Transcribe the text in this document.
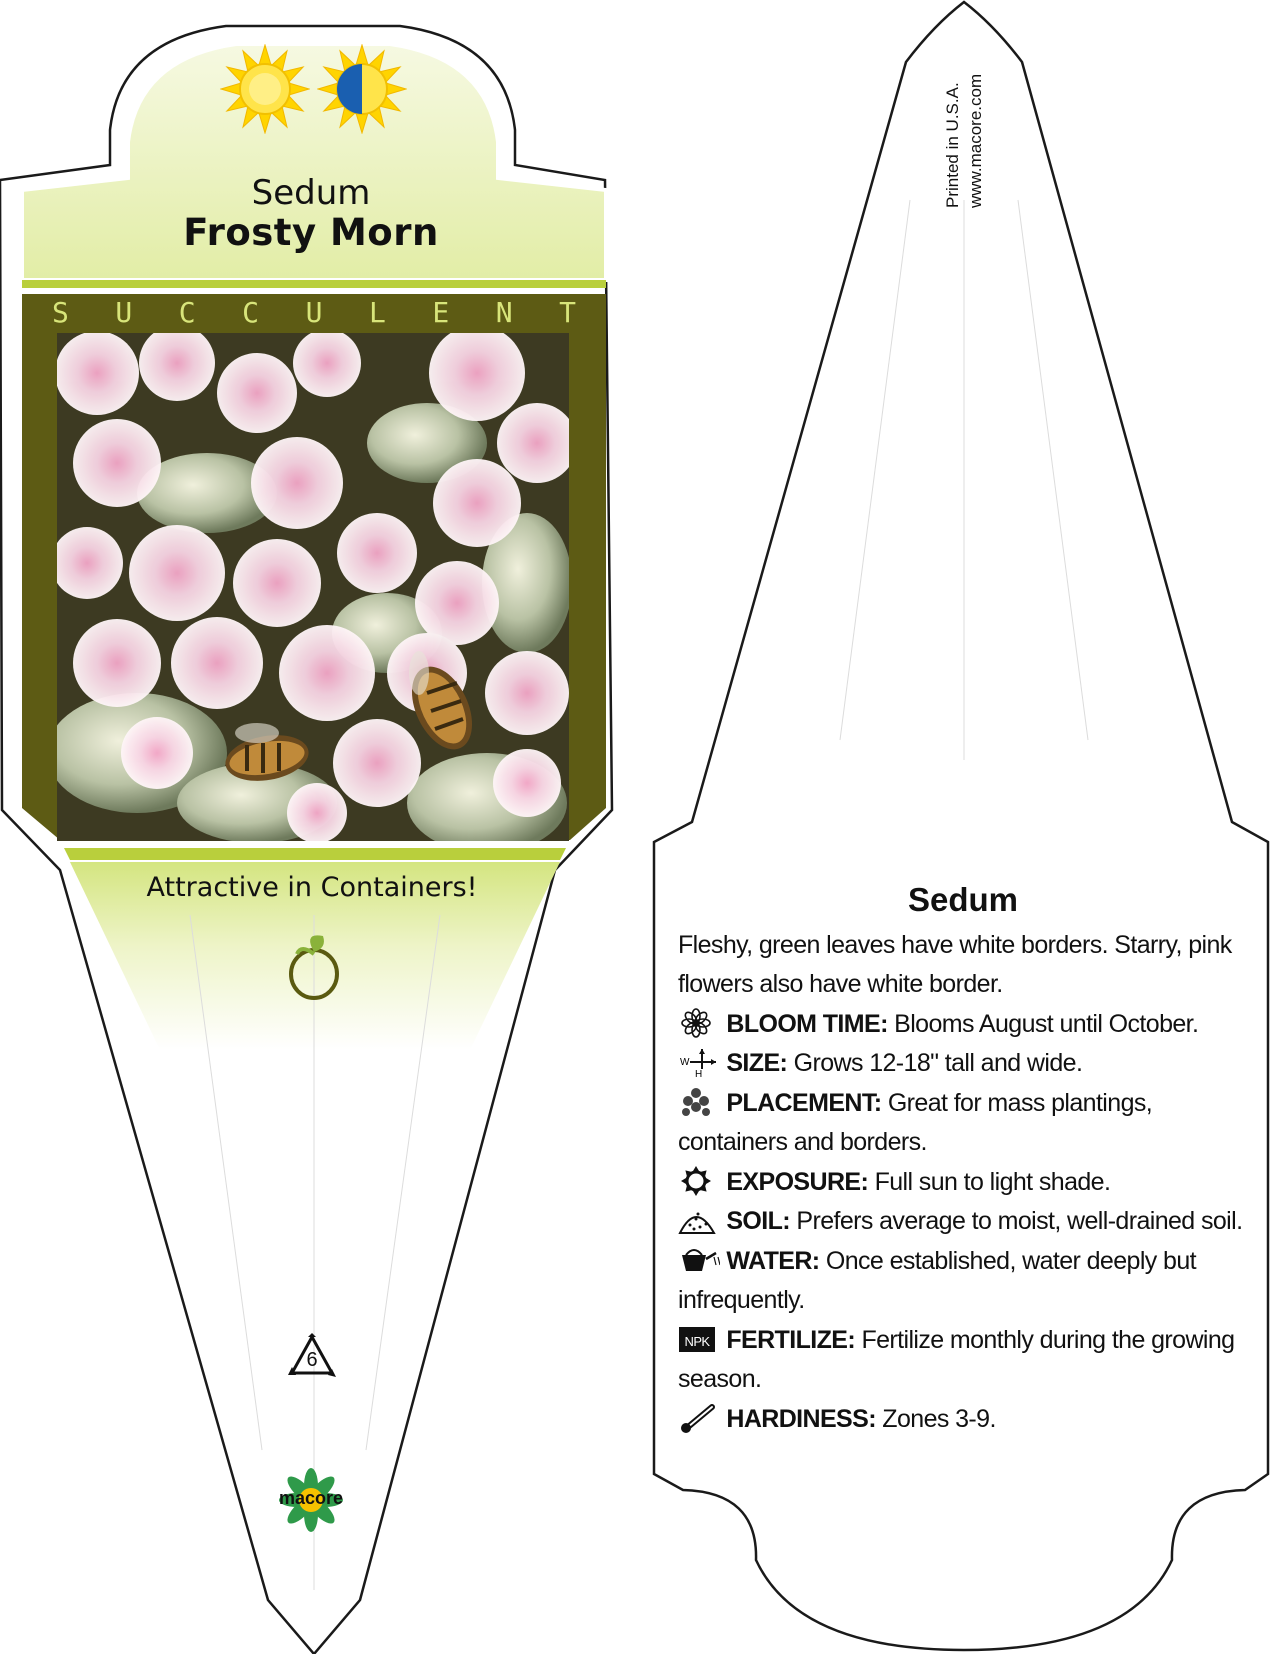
Sedum
Frosty Morn
S U C C U L E N T
Attractive in Containers!
6
macore
Printed in U.S.A. www.macore.com
Sedum
Fleshy, green leaves have white borders. Starry, pink flowers also have white border.
BLOOM TIME: Blooms August until October.
W
H SIZE: Grows 12-18" tall and wide.
PLACEMENT: Great for mass plantings, containers and borders.
EXPOSURE: Full sun to light shade.
SOIL: Prefers average to moist, well-drained soil.
WATER: Once established, water deeply but infrequently.
NPK FERTILIZE: Fertilize monthly during the growing season.
HARDINESS: Zones 3-9.
